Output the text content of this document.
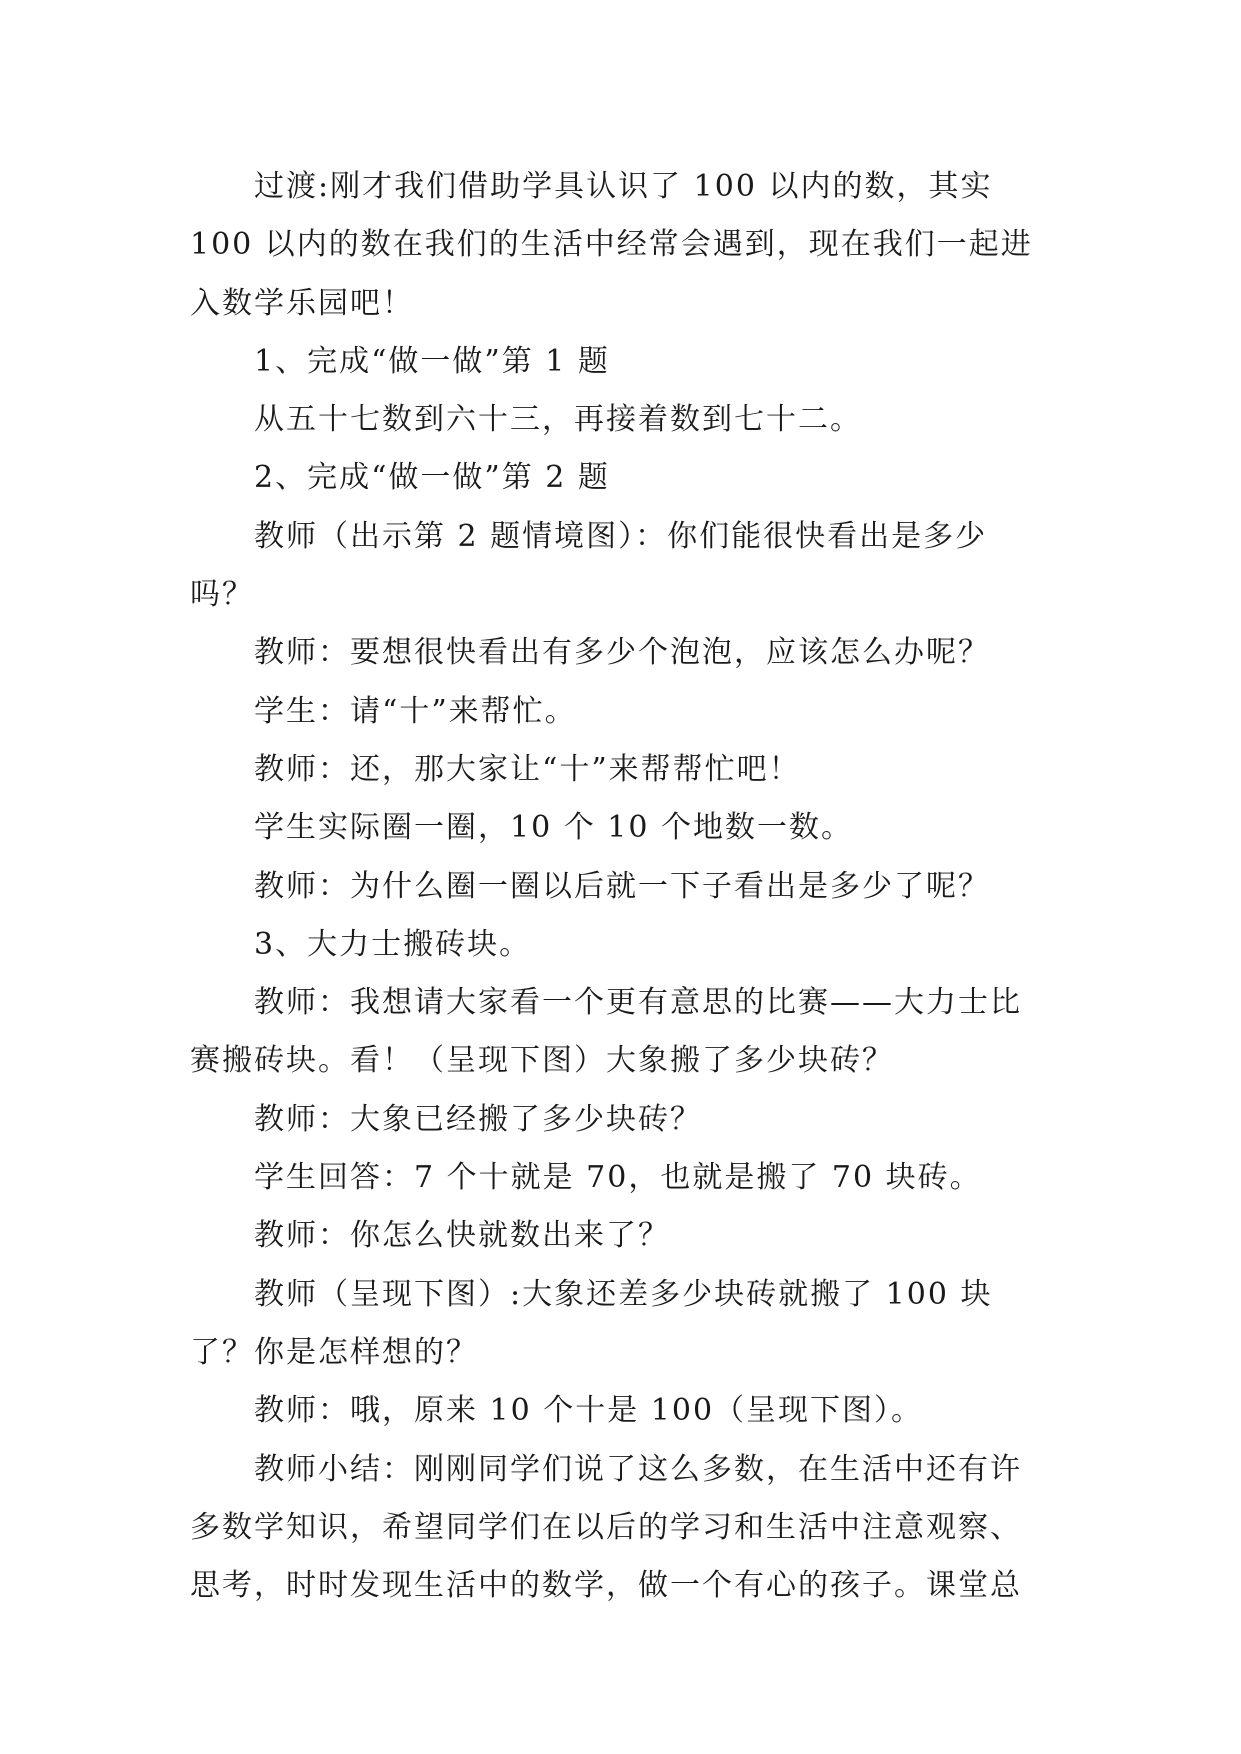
过渡:刚才我们借助学具认识了 100 以内的数，其实 100 以内的数在我们的生活中经常会遇到，现在我们一起进入数学乐园吧！

1、完成“做一做”第 1 题

从五十七数到六十三，再接着数到七十二。

2、完成“做一做”第 2 题

教师（出示第 2 题情境图）：你们能很快看出是多少吗？

教师：要想很快看出有多少个泡泡，应该怎么办呢？

学生：请“十”来帮忙。

教师：还，那大家让“十”来帮帮忙吧！

学生实际圈一圈，10 个 10 个地数一数。

教师：为什么圈一圈以后就一下子看出是多少了呢？

3、大力士搬砖块。

教师：我想请大家看一个更有意思的比赛——大力士比赛搬砖块。看！（呈现下图）大象搬了多少块砖？

教师：大象已经搬了多少块砖？

学生回答：7 个十就是 70，也就是搬了 70 块砖。

教师：你怎么快就数出来了？

教师（呈现下图）:大象还差多少块砖就搬了 100 块了？你是怎样想的？

教师：哦，原来 10 个十是 100（呈现下图）。

教师小结：刚刚同学们说了这么多数，在生活中还有许多数学知识，希望同学们在以后的学习和生活中注意观察、思考，时时发现生活中的数学，做一个有心的孩子。课堂总
